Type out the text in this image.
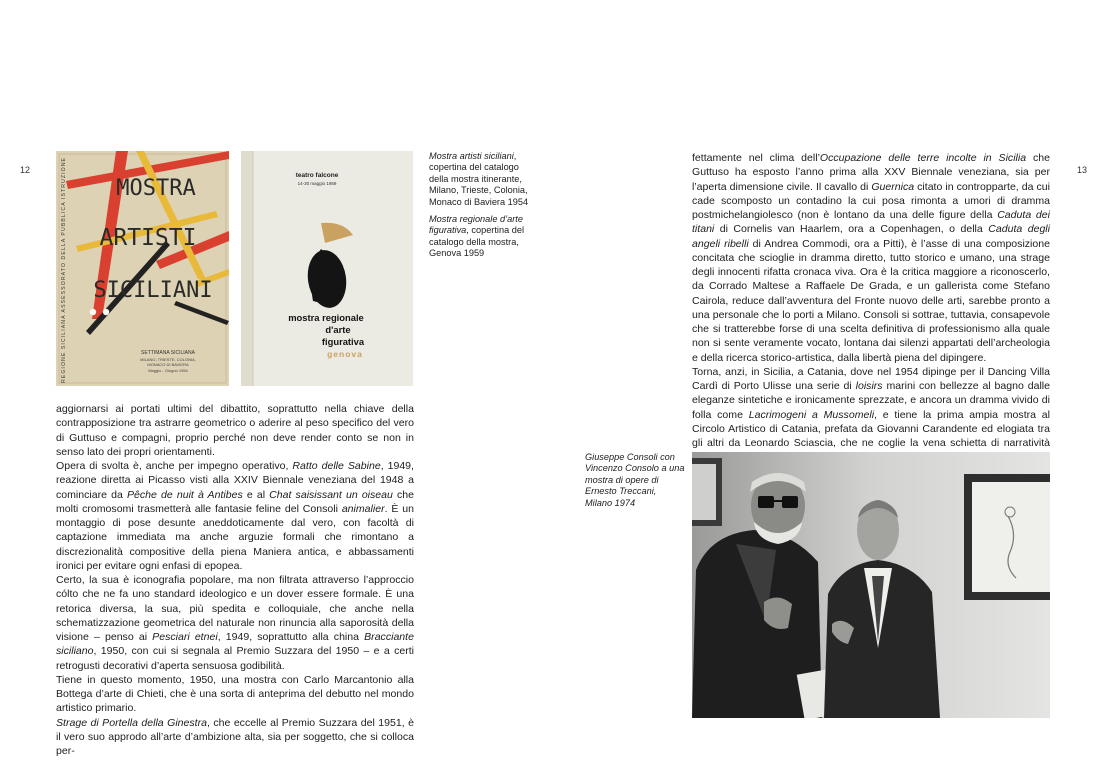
12	13
MOSTRA
ARTISTI
SICILIANI
REGIONE SICILIANA ASSESSORATO DELLA PUBBLICA ISTRUZIONE
SETTIMANA SICILIANA
MILANO, TRIESTE, COLONIA,
MONACO DI BAVIERA
Maggio - Giugno 1954
teatro falcone
14-30 maggio 1959
mostra regionale
d'arte
figurativa
genova

Mostra artisti siciliani, copertina del catalogo della mostra itinerante, Milano, Trieste, Colonia, Monaco di Baviera 1954

Mostra regionale d’arte figurativa, copertina del catalogo della mostra, Genova 1959

aggiornarsi ai portati ultimi del dibattito, soprattutto nella chiave della contrapposizione tra astrarre geometrico o aderire al peso specifico del vero di Guttuso e compagni, proprio perché non deve render conto se non in senso lato dei propri orientamenti.

Opera di svolta è, anche per impegno operativo, Ratto delle Sabine, 1949, reazione diretta ai Picasso visti alla XXIV Biennale veneziana del 1948 a cominciare da Pêche de nuit à Antibes e al Chat saisissant un oiseau che molti cromosomi trasmetterà alle fantasie feline del Consoli animalier. È un montaggio di pose desunte aneddoticamente dal vero, con facoltà di captazione immediata ma anche arguzie formali che rimontano a discrezionalità compositive della piena Maniera antica, e abbassamenti ironici per evitare ogni enfasi di epopea.

Certo, la sua è iconografia popolare, ma non filtrata attraverso l’approccio cólto che ne fa uno standard ideologico e un dover essere formale. È una retorica diversa, la sua, più spedita e colloquiale, che anche nella schematizzazione geometrica del naturale non rinuncia alla saporosità della visione – penso ai Pesciari etnei, 1949, soprattutto alla china Bracciante siciliano, 1950, con cui si segnala al Premio Suzzara del 1950 – e a certi retrogusti decorativi d’aperta sensuosa godibilità.

Tiene in questo momento, 1950, una mostra con Carlo Marcantonio alla Bottega d’arte di Chieti, che è una sorta di anteprima del debutto nel mondo artistico primario.

Strage di Portella della Ginestra, che eccelle al Premio Suzzara del 1951, è il vero suo approdo all’arte d’ambizione alta, sia per soggetto, che si colloca per-

fettamente nel clima dell’Occupazione delle terre incolte in Sicilia che Guttuso ha esposto l’anno prima alla XXV Biennale veneziana, sia per l’aperta dimensione civile. Il cavallo di Guernica citato in contropparte, da cui cade scomposto un contadino la cui posa rimonta a umori di dramma postmichelangiolesco (non è lontano da una delle figure della Caduta dei titani di Cornelis van Haarlem, ora a Copenhagen, o della Caduta degli angeli ribelli di Andrea Commodi, ora a Pitti), è l’asse di una composizione concitata che scioglie in dramma diretto, tutto storico e umano, una strage degli innocenti rifatta cronaca viva. Ora è la critica maggiore a riconoscerlo, da Corrado Maltese a Raffaele De Grada, e un gallerista come Stefano Cairola, reduce dall’avventura del Fronte nuovo delle arti, sarebbe pronto a una personale che lo porti a Milano. Consoli si sottrae, tuttavia, consapevole che si tratterebbe forse di una scelta definitiva di professionismo alla quale non si sente veramente vocato, lontana dai silenzi appartati dell’archeologia e della ricerca storico-artistica, dalla libertà piena del dipingere.

Torna, anzi, in Sicilia, a Catania, dove nel 1954 dipinge per il Dancing Villa Cardì di Porto Ulisse una serie di loisirs marini con bellezze al bagno dalle eleganze sintetiche e ironicamente sprezzate, e ancora un dramma vivido di folla come Lacrimogeni a Mussomeli, e tiene la prima ampia mostra al Circolo Artistico di Catania, prefata da Giovanni Carandente ed elogiata tra gli altri da Leonardo Sciascia, che ne coglie la vena schietta di narratività

Giuseppe Consoli con Vincenzo Consolo a una mostra di opere di Ernesto Treccani, Milano 1974
